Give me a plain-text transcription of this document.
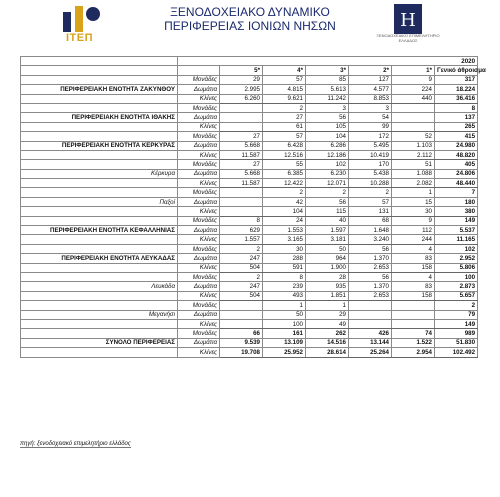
ΙΤΕΠ
ΞΕΝΟΔΟΧΕΙΑΚΟ ΔΥΝΑΜΙΚΟ
ΠΕΡΙΦΕΡΕΙΑΣ ΙΟΝΙΩΝ ΝΗΣΩΝ	H
ΞΕΝΟΔΟΧΕΙΑΚΟ ΕΠΙΜΕΛΗΤΗΡΙΟ ΕΛΛΑΔΟΣ
	2020						
		5*	4*	3*	2*	1*	Γενικό άθροισμα
	Μονάδες	29	57	85	127	9	317
ΠΕΡΙΦΕΡΕΙΑΚΗ ΕΝΟΤΗΤΑ ΖΑΚΥΝΘΟΥ	Δωμάτια	2.995	4.815	5.613	4.577	224	18.224
	Κλίνες	6.260	9.621	11.242	8.853	440	36.416
	Μονάδες		2	3	3		8
ΠΕΡΙΦΕΡΕΙΑΚΗ ΕΝΟΤΗΤΑ ΙΘΑΚΗΣ	Δωμάτια		27	56	54		137
	Κλίνες		61	105	99		265
	Μονάδες	27	57	104	172	52	415
ΠΕΡΙΦΕΡΕΙΑΚΗ ΕΝΟΤΗΤΑ ΚΕΡΚΥΡΑΣ	Δωμάτια	5.668	6.428	6.286	5.495	1.103	24.980
	Κλίνες	11.587	12.516	12.186	10.419	2.112	48.820
	Μονάδες	27	55	102	170	51	405
Κέρκυρα	Δωμάτια	5.668	6.385	6.230	5.438	1.088	24.806
	Κλίνες	11.587	12.422	12.071	10.288	2.082	48.440
	Μονάδες		2	2	2	1	7
Παξοί	Δωμάτια		42	56	57	15	180
	Κλίνες		104	115	131	30	380
	Μονάδες	8	24	40	68	9	149
ΠΕΡΙΦΕΡΕΙΑΚΗ ΕΝΟΤΗΤΑ ΚΕΦΑΛΛΗΝΙΑΣ	Δωμάτια	629	1.553	1.597	1.648	112	5.537
	Κλίνες	1.557	3.165	3.181	3.240	244	11.165
	Μονάδες	2	30	50	56	4	102
ΠΕΡΙΦΕΡΕΙΑΚΗ ΕΝΟΤΗΤΑ ΛΕΥΚΑΔΑΣ	Δωμάτια	247	288	964	1.370	83	2.952
	Κλίνες	504	591	1.900	2.653	158	5.806
	Μονάδες	2	8	28	56	4	100
Λευκάδα	Δωμάτια	247	239	935	1.370	83	2.873
	Κλίνες	504	493	1.851	2.653	158	5.657
	Μονάδες		1	1			2
Μεγανήσι	Δωμάτια		50	29			79
	Κλίνες		100	49			149
	Μονάδες	66	161	262	426	74	989
ΣΥΝΟΛΟ ΠΕΡΙΦΕΡΕΙΑΣ	Δωμάτια	9.539	13.109	14.516	13.144	1.522	51.830
	Κλίνες	19.708	25.952	28.614	25.264	2.954	102.492
πηγή: ξενοδοχειακό επιμελητήριο ελλάδος
